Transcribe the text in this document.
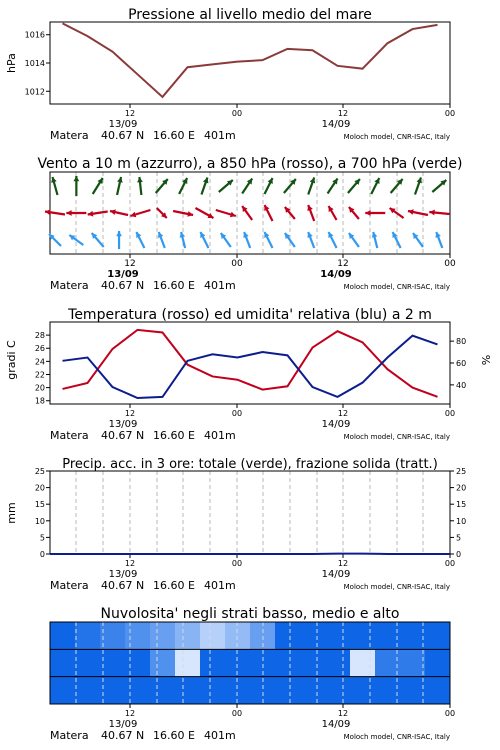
Pressione al livello medio del mare
1012
1014
1016
hPa
12	00	12	00
13/09	14/09
Matera 40.67 N 16.60 E 401m	Moloch model, CNR-ISAC, Italy
Vento a 10 m (azzurro), a 850 hPa (rosso), a 700 hPa (verde)
12	00	12	00
13/09	14/09
Matera 40.67 N 16.60 E 401m	Moloch model, CNR-ISAC, Italy
Temperatura (rosso) ed umidita' relativa (blu) a 2 m
18
20
22
24
26
28
40
60
80
gradi C	%
12	00	12	00
13/09	14/09
Matera 40.67 N 16.60 E 401m	Moloch model, CNR-ISAC, Italy
Precip. acc. in 3 ore: totale (verde), frazione solida (tratt.)
0
5
10
15
20
25
0
5
10
15
20
25
mm
12	00	12	00
13/09	14/09
Matera 40.67 N 16.60 E 401m	Moloch model, CNR-ISAC, Italy
Nuvolosita' negli strati basso, medio e alto
12	00	12	00
13/09	14/09
Matera 40.67 N 16.60 E 401m	Moloch model, CNR-ISAC, Italy
